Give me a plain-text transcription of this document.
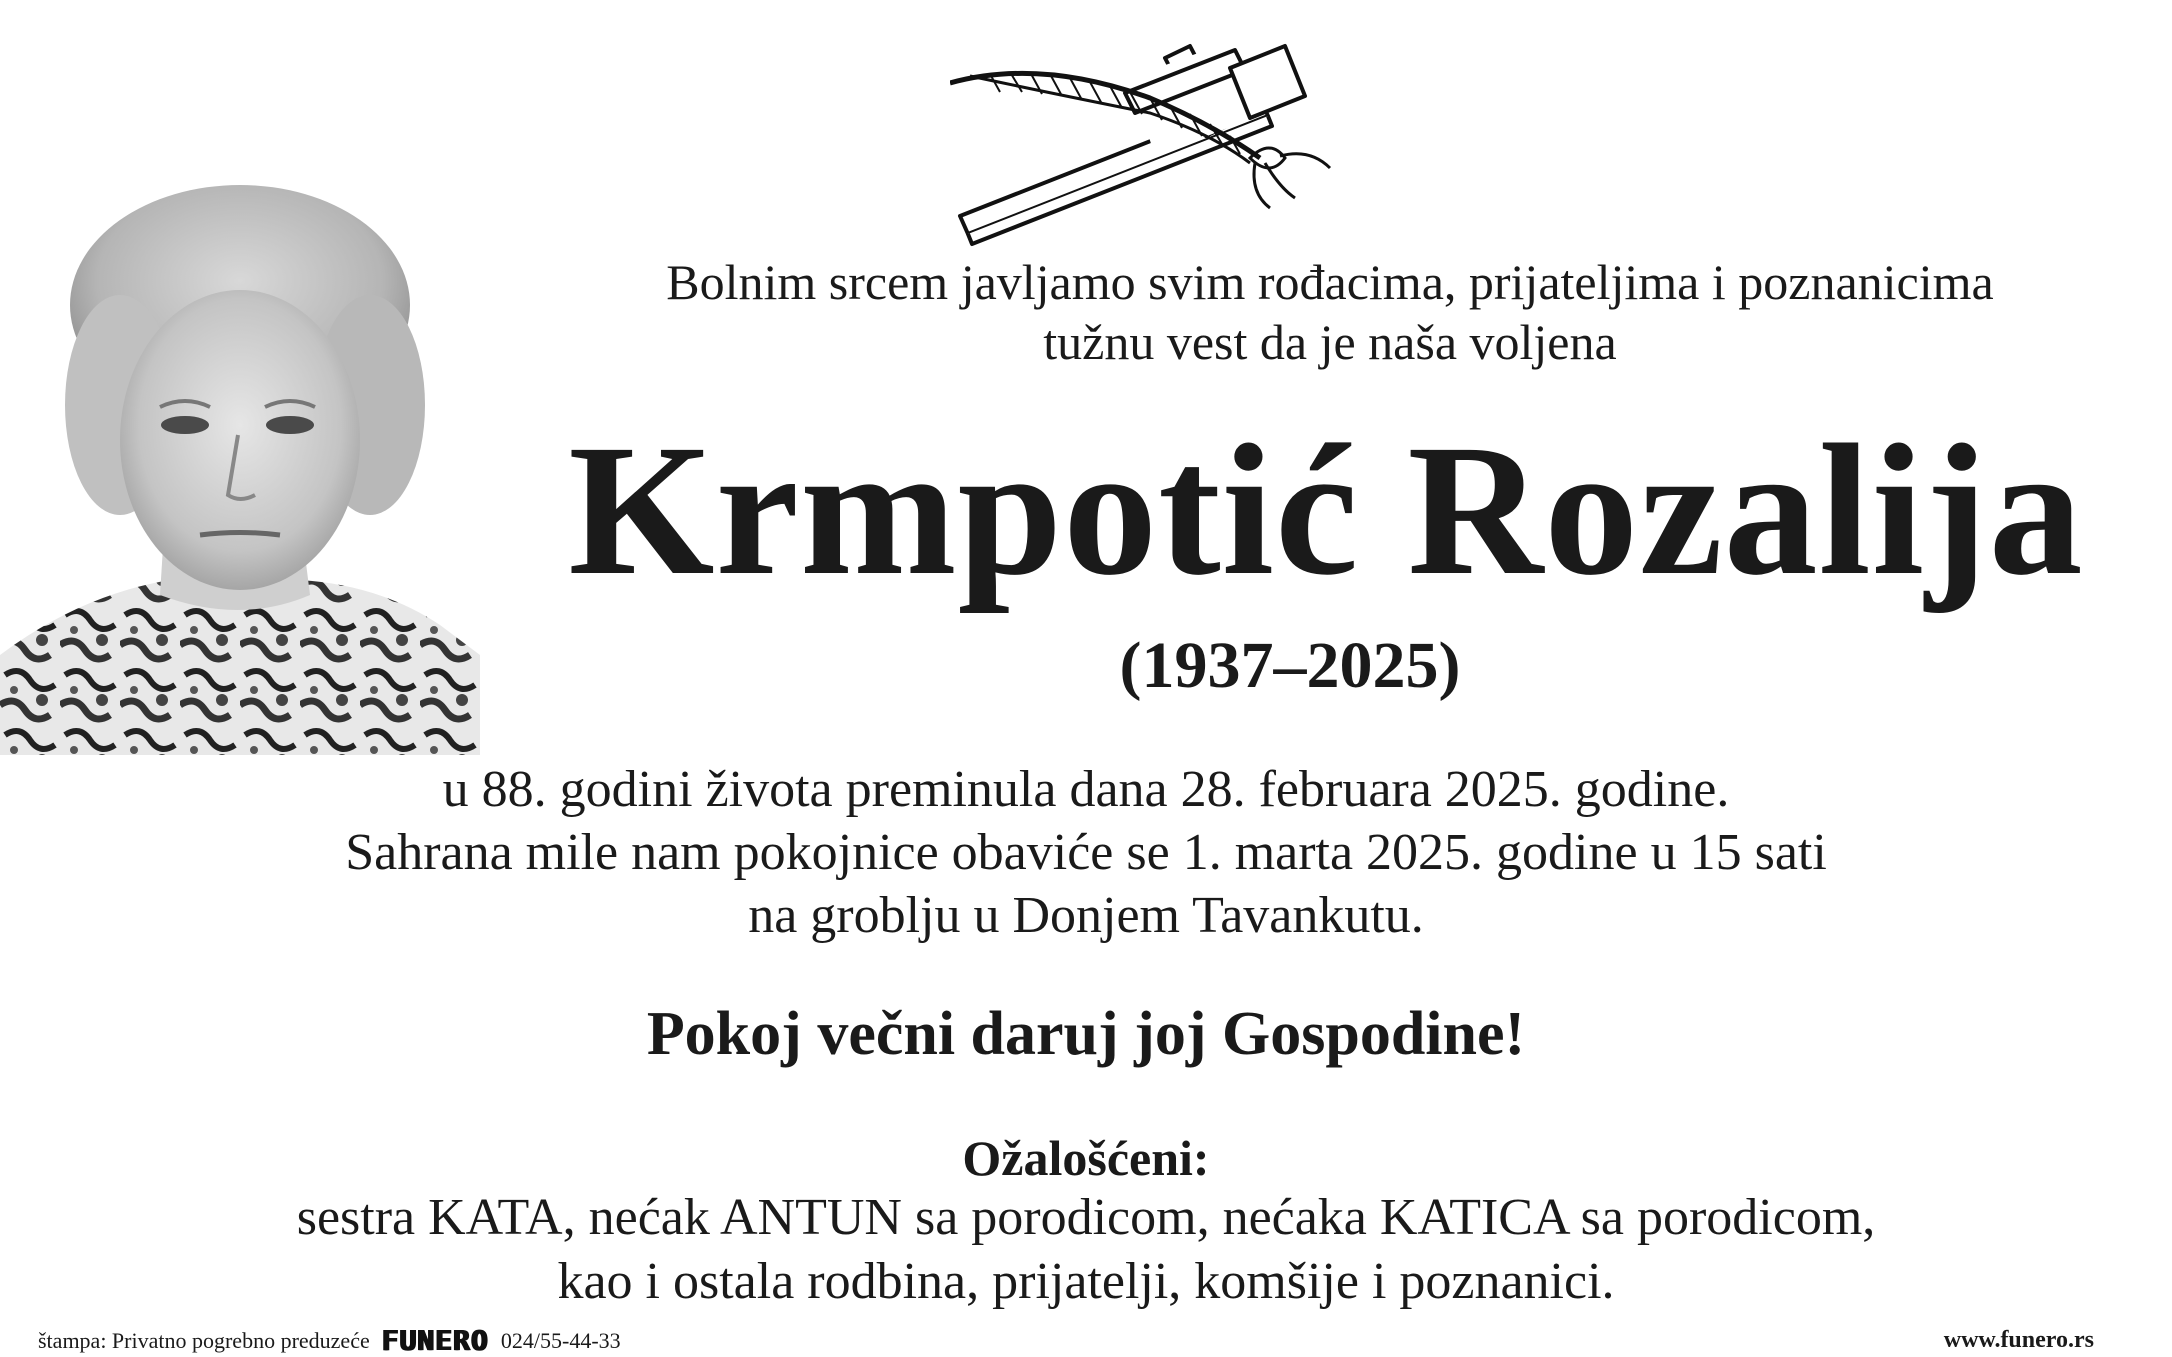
Bolnim srcem javljamo svim rođacima, prijateljima i poznanicima
tužnu vest da je naša voljena
Krmpotić Rozalija
(1937–2025)
u 88. godini života preminula dana 28. februara 2025. godine.
Sahrana mile nam pokojnice obaviće se 1. marta 2025. godine u 15 sati
na groblju u Donjem Tavankutu.
Pokoj večni daruj joj Gospodine!
Ožalošćeni:
sestra KATA, nećak ANTUN sa porodicom, nećaka KATICA sa porodicom,
kao i ostala rodbina, prijatelji, komšije i poznanici.
štampa: Privatno pogrebno preduzeće FUNERO 024/55-44-33	www.funero.rs
